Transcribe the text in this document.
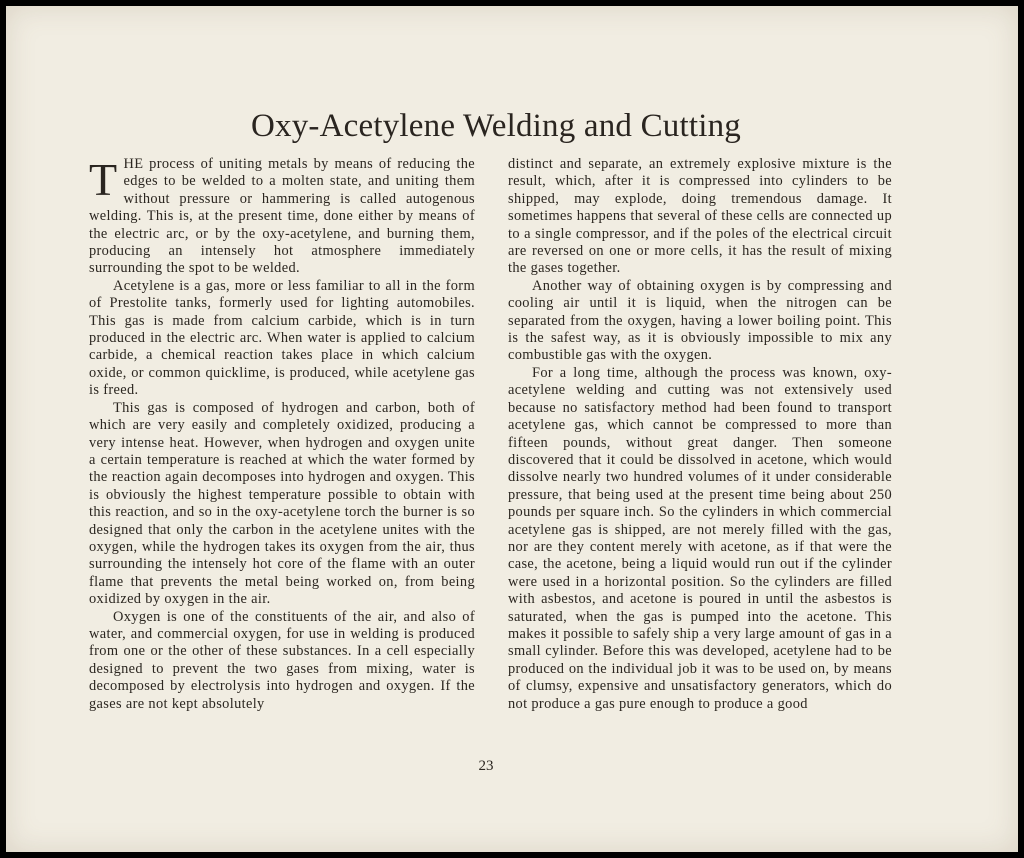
Oxy-Acetylene Welding and Cutting

THE process of uniting metals by means of reducing the edges to be welded to a molten state, and uniting them without pressure or hammering is called autogenous welding. This is, at the present time, done either by means of the electric arc, or by the oxy-acetylene, and burning them, producing an intensely hot atmosphere immediately surrounding the spot to be welded.

Acetylene is a gas, more or less familiar to all in the form of Prestolite tanks, formerly used for lighting automobiles. This gas is made from calcium carbide, which is in turn produced in the electric arc. When water is applied to calcium carbide, a chemical reaction takes place in which calcium oxide, or common quicklime, is produced, while acetylene gas is freed.

This gas is composed of hydrogen and carbon, both of which are very easily and completely oxidized, producing a very intense heat. However, when hydrogen and oxygen unite a certain temperature is reached at which the water formed by the reaction again decomposes into hydrogen and oxygen. This is obviously the highest temperature possible to obtain with this reaction, and so in the oxy-acetylene torch the burner is so designed that only the carbon in the acetylene unites with the oxygen, while the hydrogen takes its oxygen from the air, thus surrounding the intensely hot core of the flame with an outer flame that prevents the metal being worked on, from being oxidized by oxygen in the air.

Oxygen is one of the constituents of the air, and also of water, and commercial oxygen, for use in welding is produced from one or the other of these substances. In a cell especially designed to prevent the two gases from mixing, water is decomposed by electrolysis into hydrogen and oxygen. If the gases are not kept absolutely

distinct and separate, an extremely explosive mixture is the result, which, after it is compressed into cylinders to be shipped, may explode, doing tremendous damage. It sometimes happens that several of these cells are connected up to a single compressor, and if the poles of the electrical circuit are reversed on one or more cells, it has the result of mixing the gases together.

Another way of obtaining oxygen is by compressing and cooling air until it is liquid, when the nitrogen can be separated from the oxygen, having a lower boiling point. This is the safest way, as it is obviously impossible to mix any combustible gas with the oxygen.

For a long time, although the process was known, oxy-acetylene welding and cutting was not extensively used because no satisfactory method had been found to transport acetylene gas, which cannot be compressed to more than fifteen pounds, without great danger. Then someone discovered that it could be dissolved in acetone, which would dissolve nearly two hundred volumes of it under considerable pressure, that being used at the present time being about 250 pounds per square inch. So the cylinders in which commercial acetylene gas is shipped, are not merely filled with the gas, nor are they content merely with acetone, as if that were the case, the acetone, being a liquid would run out if the cylinder were used in a horizontal position. So the cylinders are filled with asbestos, and acetone is poured in until the asbestos is saturated, when the gas is pumped into the acetone. This makes it possible to safely ship a very large amount of gas in a small cylinder. Before this was developed, acetylene had to be produced on the individual job it was to be used on, by means of clumsy, expensive and unsatisfactory generators, which do not produce a gas pure enough to produce a good

23
